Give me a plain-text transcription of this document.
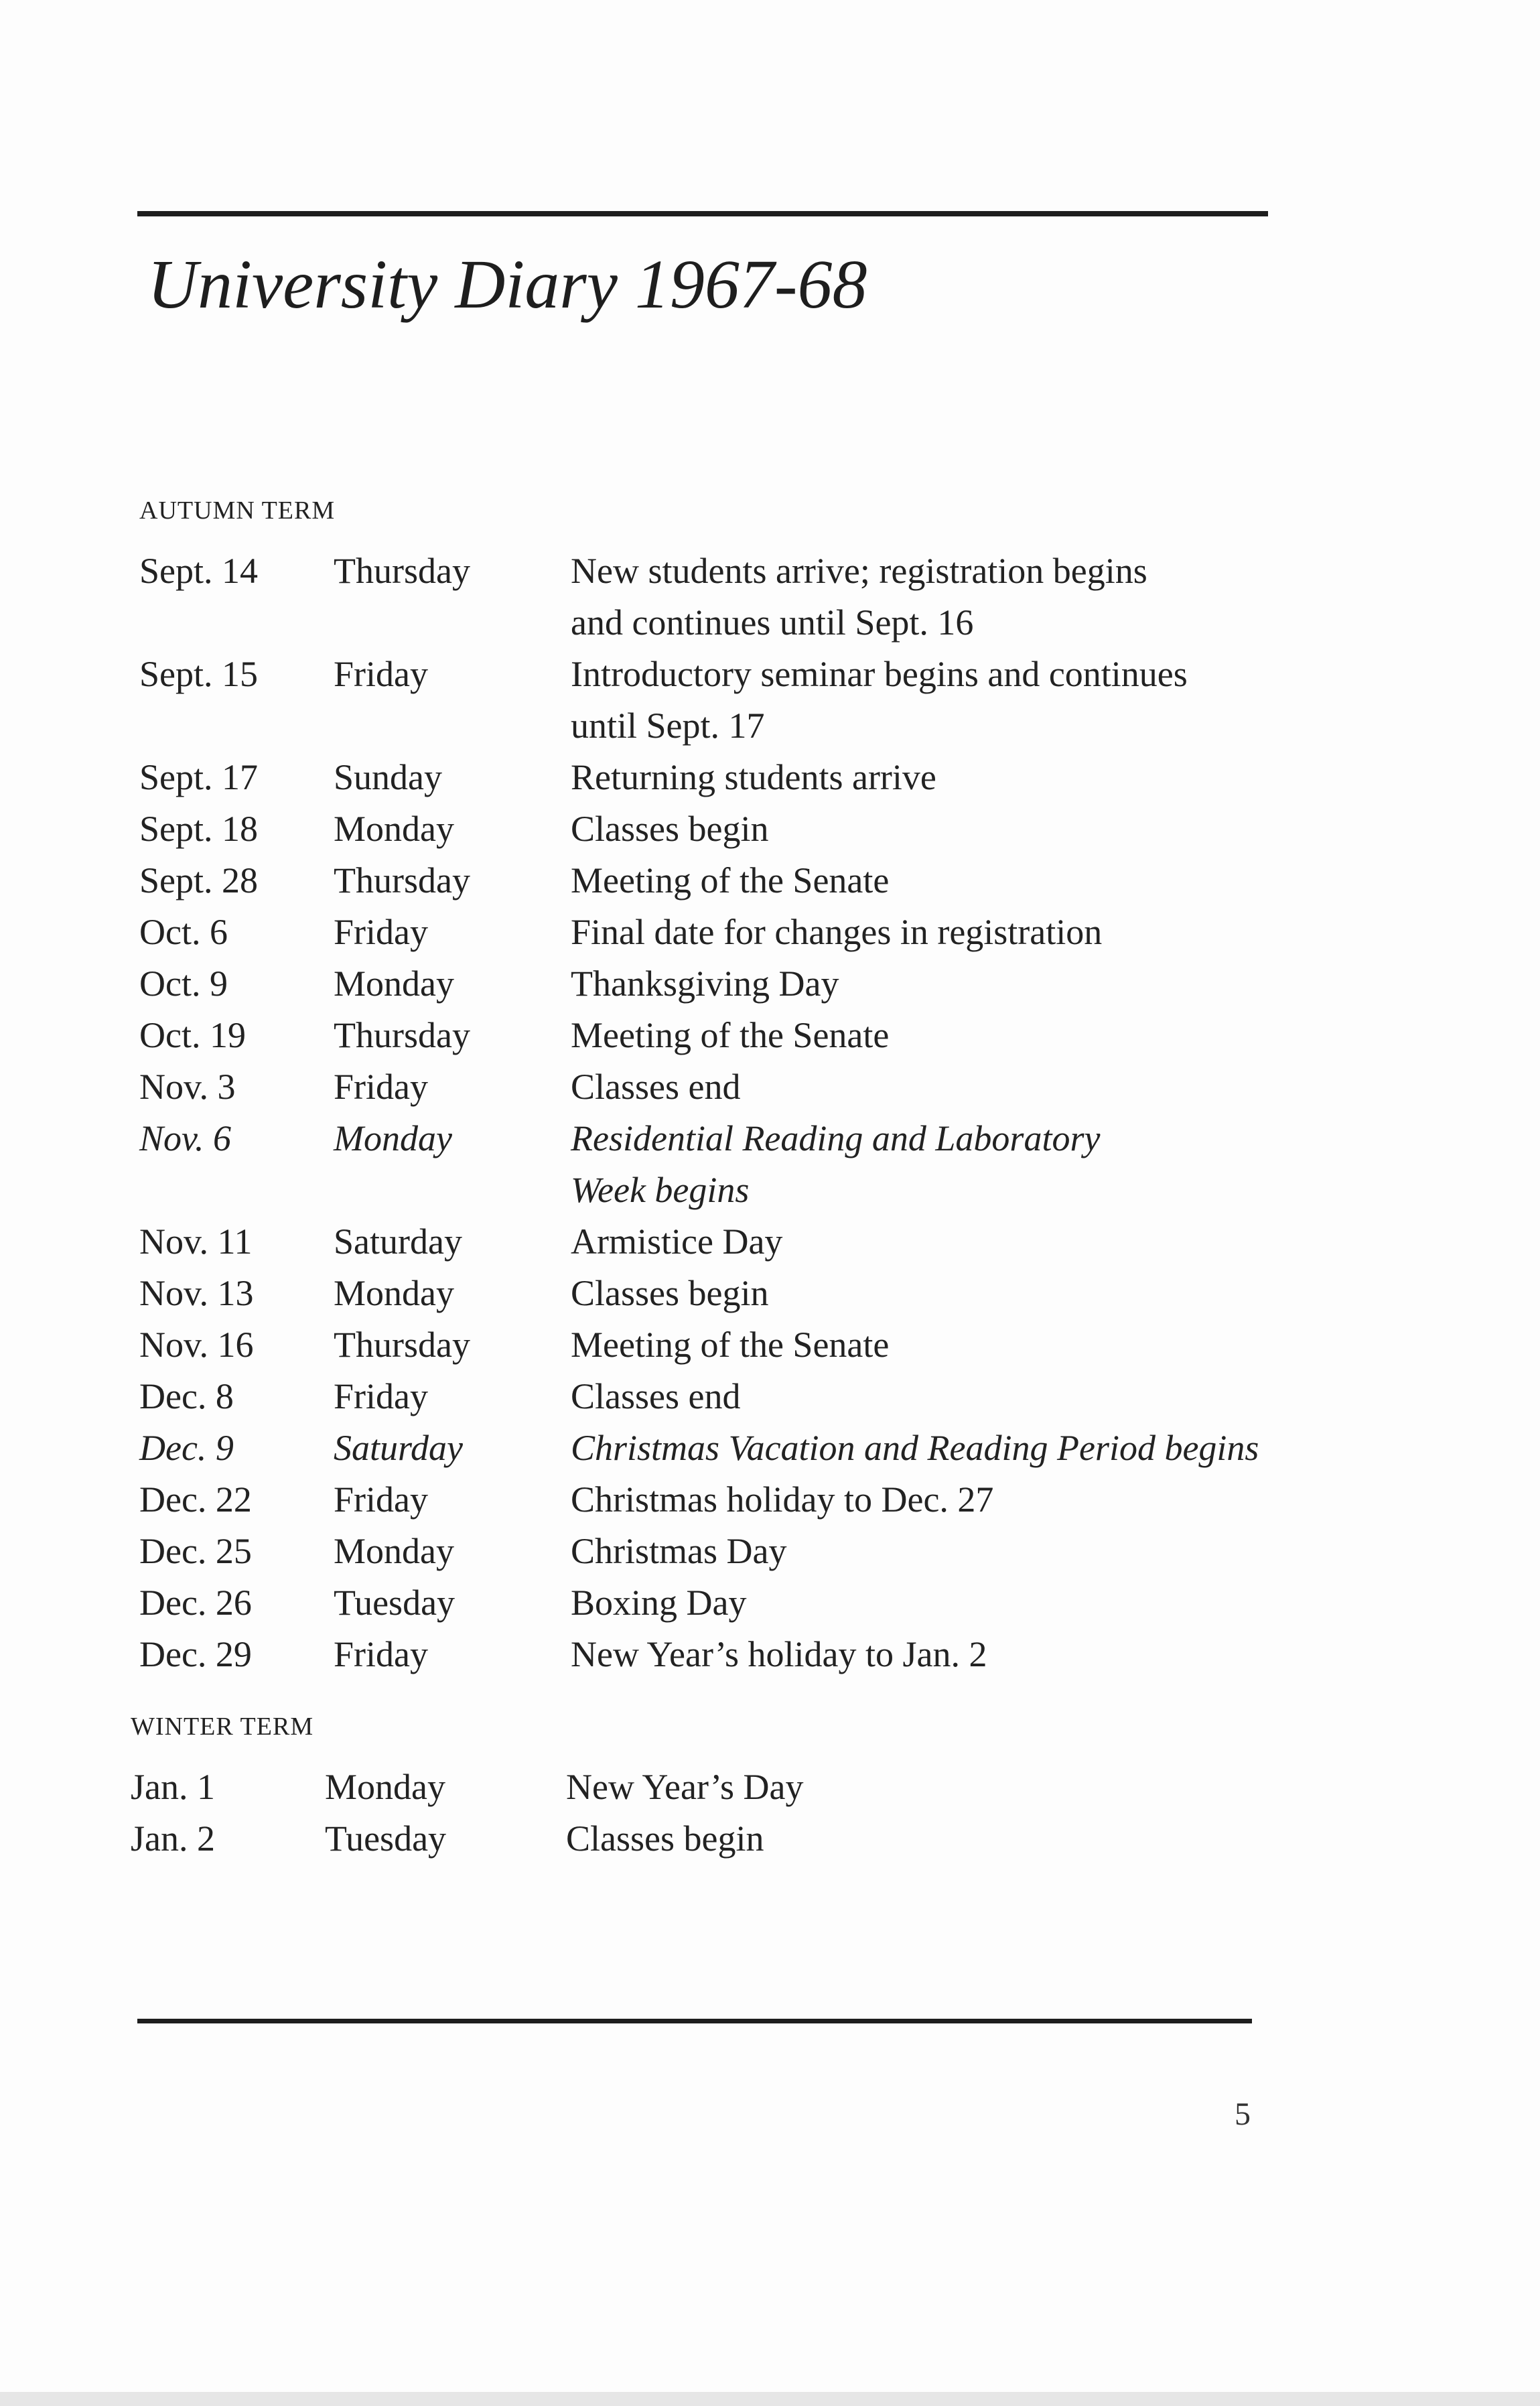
University Diary 1967-68
AUTUMN TERM
Sept. 14 Thursday	New students arrive; registration begins
and continues until Sept. 16
Sept. 15 Friday	Introductory seminar begins and continues
until Sept. 17
Sept. 17 Sunday	Returning students arrive
Sept. 18 Monday	Classes begin
Sept. 28 Thursday	Meeting of the Senate
Oct. 6	Friday	Final date for changes in registration
Oct. 9	Monday	Thanksgiving Day
Oct. 19 Thursday	Meeting of the Senate
Nov. 3	Friday	Classes end
Nov. 6	Monday	Residential Reading and Laboratory
Week begins
Nov. 11 Saturday	Armistice Day
Nov. 13 Monday	Classes begin
Nov. 16 Thursday	Meeting of the Senate
Dec. 8	Friday	Classes end
Dec. 9	Saturday	Christmas Vacation and Reading Period begins
Dec. 22 Friday	Christmas holiday to Dec. 27
Dec. 25 Monday	Christmas Day
Dec. 26 Tuesday	Boxing Day
Dec. 29 Friday	New Year’s holiday to Jan. 2
WINTER TERM
Jan. 1	Monday	New Year’s Day
Jan. 2	Tuesday	Classes begin
5
